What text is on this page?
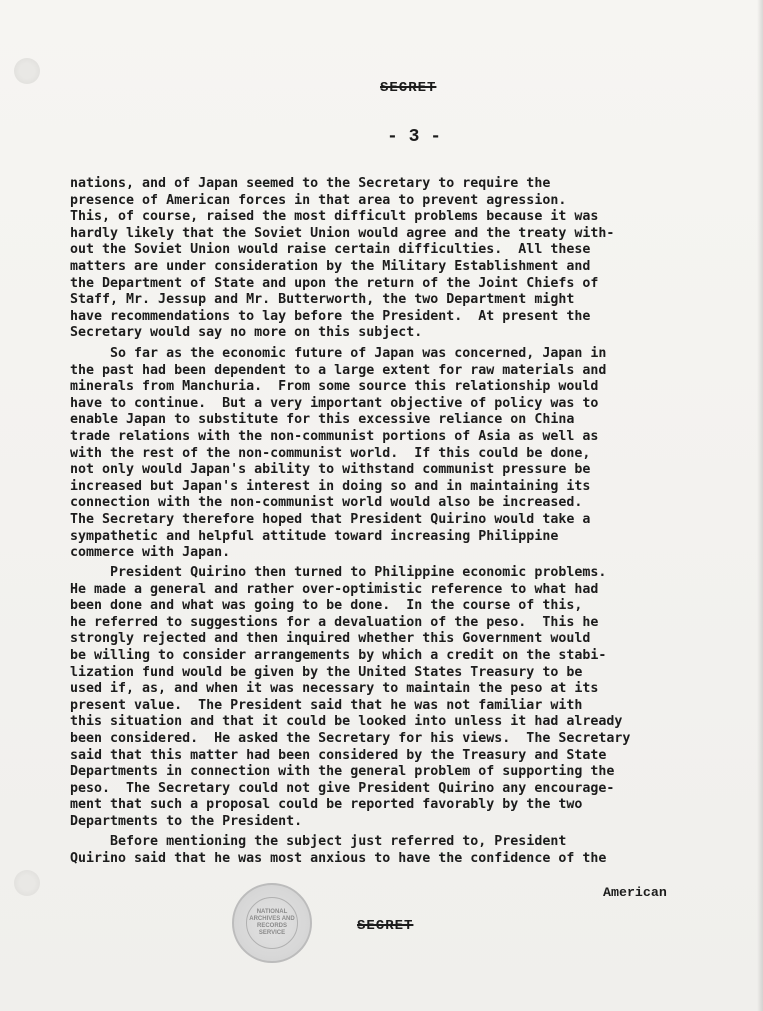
SECRET
- 3 -
nations, and of Japan seemed to the Secretary to require the
presence of American forces in that area to prevent agression.
This, of course, raised the most difficult problems because it was
hardly likely that the Soviet Union would agree and the treaty with-
out the Soviet Union would raise certain difficulties.  All these
matters are under consideration by the Military Establishment and
the Department of State and upon the return of the Joint Chiefs of
Staff, Mr. Jessup and Mr. Butterworth, the two Department might
have recommendations to lay before the President.  At present the
Secretary would say no more on this subject.
So far as the economic future of Japan was concerned, Japan in
the past had been dependent to a large extent for raw materials and
minerals from Manchuria.  From some source this relationship would
have to continue.  But a very important objective of policy was to
enable Japan to substitute for this excessive reliance on China
trade relations with the non-communist portions of Asia as well as
with the rest of the non-communist world.  If this could be done,
not only would Japan's ability to withstand communist pressure be
increased but Japan's interest in doing so and in maintaining its
connection with the non-communist world would also be increased.
The Secretary therefore hoped that President Quirino would take a
sympathetic and helpful attitude toward increasing Philippine
commerce with Japan.
President Quirino then turned to Philippine economic problems.
He made a general and rather over-optimistic reference to what had
been done and what was going to be done.  In the course of this,
he referred to suggestions for a devaluation of the peso.  This he
strongly rejected and then inquired whether this Government would
be willing to consider arrangements by which a credit on the stabi-
lization fund would be given by the United States Treasury to be
used if, as, and when it was necessary to maintain the peso at its
present value.  The President said that he was not familiar with
this situation and that it could be looked into unless it had already
been considered.  He asked the Secretary for his views.  The Secretary
said that this matter had been considered by the Treasury and State
Departments in connection with the general problem of supporting the
peso.  The Secretary could not give President Quirino any encourage-
ment that such a proposal could be reported favorably by the two
Departments to the President.
Before mentioning the subject just referred to, President
Quirino said that he was most anxious to have the confidence of the
American
NATIONAL ARCHIVES AND RECORDS SERVICE	SECRET
